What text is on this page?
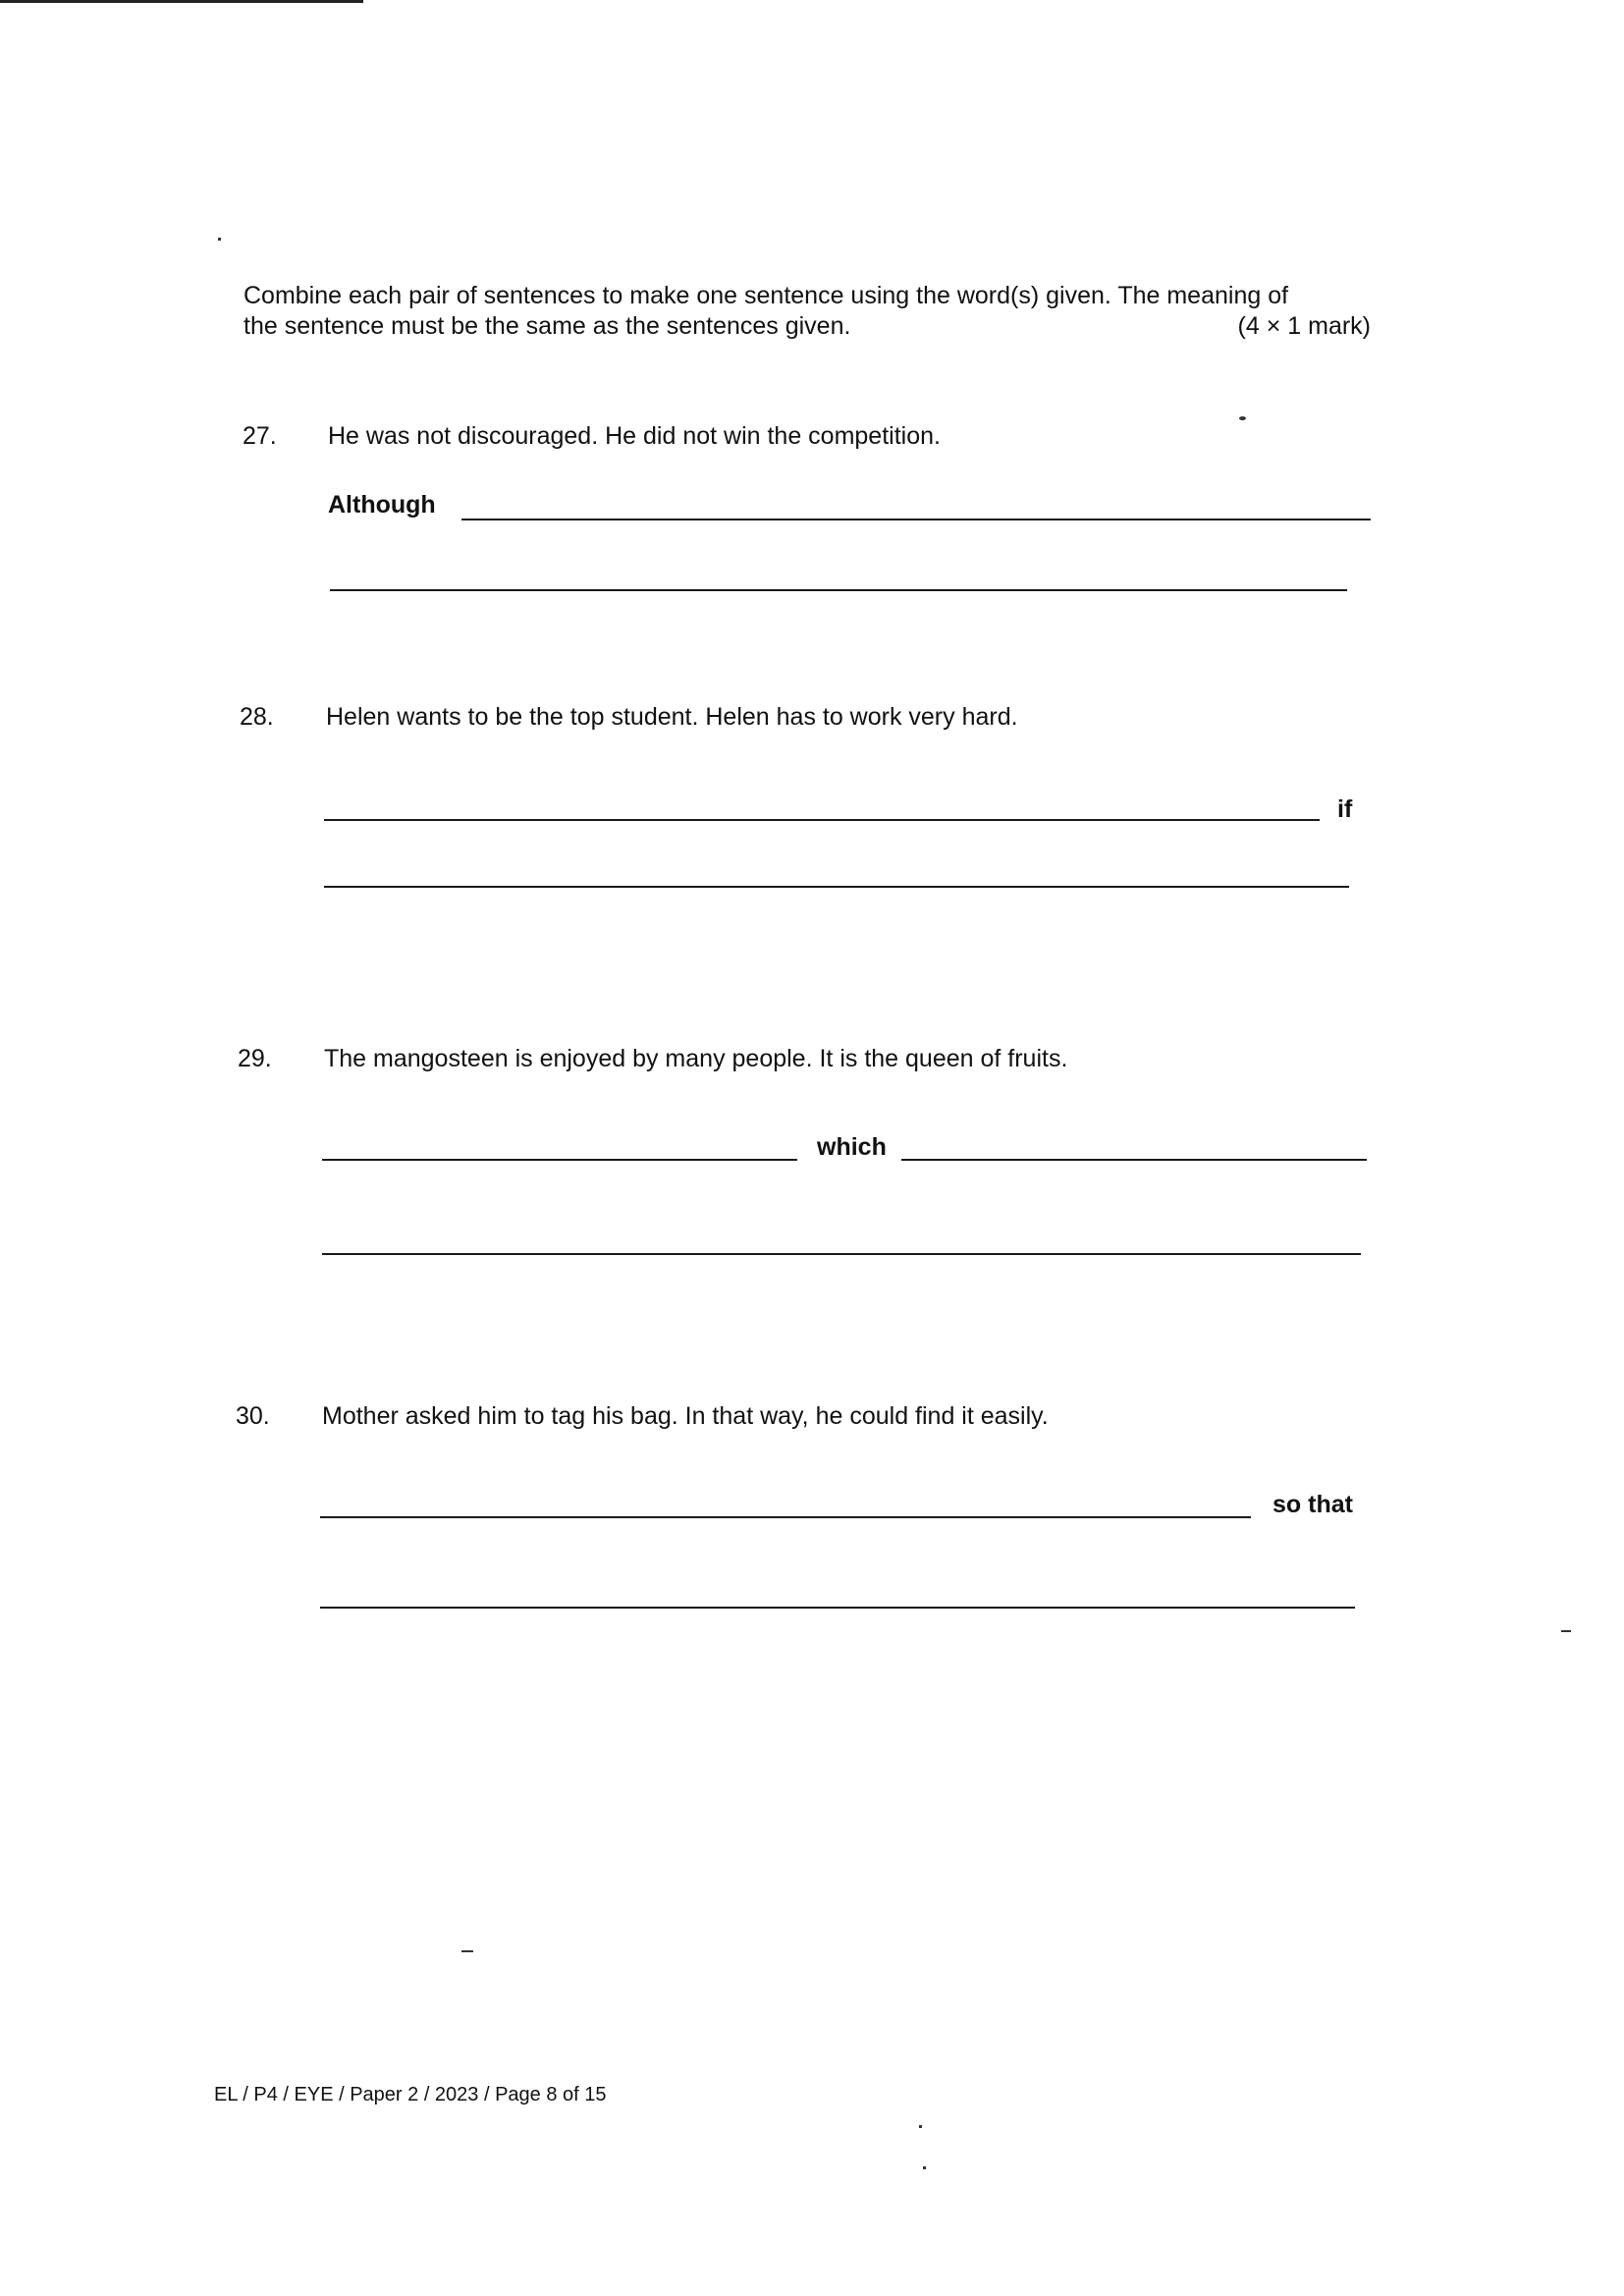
Combine each pair of sentences to make one sentence using the word(s) given. The meaning of
the sentence must be the same as the sentences given.	(4 × 1 mark)
27. He was not discouraged. He did not win the competition.
Although
28. Helen wants to be the top student. Helen has to work very hard.
if
29. The mangosteen is enjoyed by many people. It is the queen of fruits.
which
30. Mother asked him to tag his bag. In that way, he could find it easily.
so that
EL / P4 / EYE / Paper 2 / 2023 / Page 8 of 15
